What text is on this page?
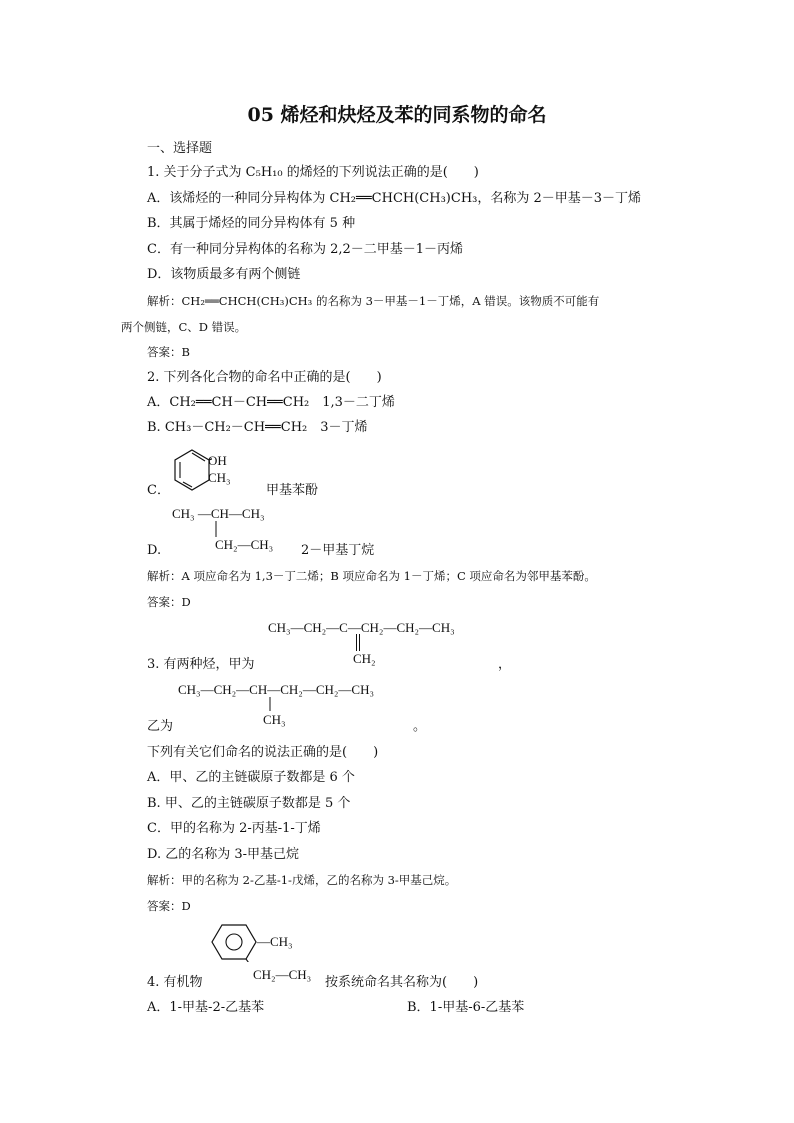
05 烯烃和炔烃及苯的同系物的命名
一、选择题
1. 关于分子式为 C₅H₁₀ 的烯烃的下列说法正确的是(　　)
A．该烯烃的一种同分异构体为 CH₂══CHCH(CH₃)CH₃，名称为 2－甲基－3－丁烯
B．其属于烯烃的同分异构体有 5 种
C．有一种同分异构体的名称为 2,2－二甲基－1－丙烯
D．该物质最多有两个侧链
解析：CH₂══CHCH(CH₃)CH₃ 的名称为 3－甲基－1－丁烯，A 错误。该物质不可能有
两个侧链，C、D 错误。
答案：B
2. 下列各化合物的命名中正确的是(　　)
A．CH₂══CH－CH══CH₂　1,3－二丁烯
B. CH₃－CH₂－CH══CH₂　3－丁烯
OH
CH₃
C．	甲基苯酚
CH₃ —CH—CH₃
CH₂—CH₃
D.	2－甲基丁烷
解析：A 项应命名为 1,3－丁二烯；B 项应命名为 1－丁烯；C 项应命名为邻甲基苯酚。
答案：D
CH₃—CH₂—C—CH₂—CH₂—CH₃
CH₂
3. 有两种烃，甲为	，
CH₃—CH₂—CH—CH₂—CH₂—CH₃
CH₃
乙为	。
下列有关它们命名的说法正确的是(　　)
A．甲、乙的主链碳原子数都是 6 个
B. 甲、乙的主链碳原子数都是 5 个
C．甲的名称为 2-丙基-1-丁烯
D. 乙的名称为 3-甲基己烷
解析：甲的名称为 2-乙基-1-戊烯，乙的名称为 3-甲基己烷。
答案：D
—CH₃
CH₂—CH₃
4. 有机物	按系统命名其名称为(　　)
A．1-甲基-2-乙基苯	B．1-甲基-6-乙基苯
